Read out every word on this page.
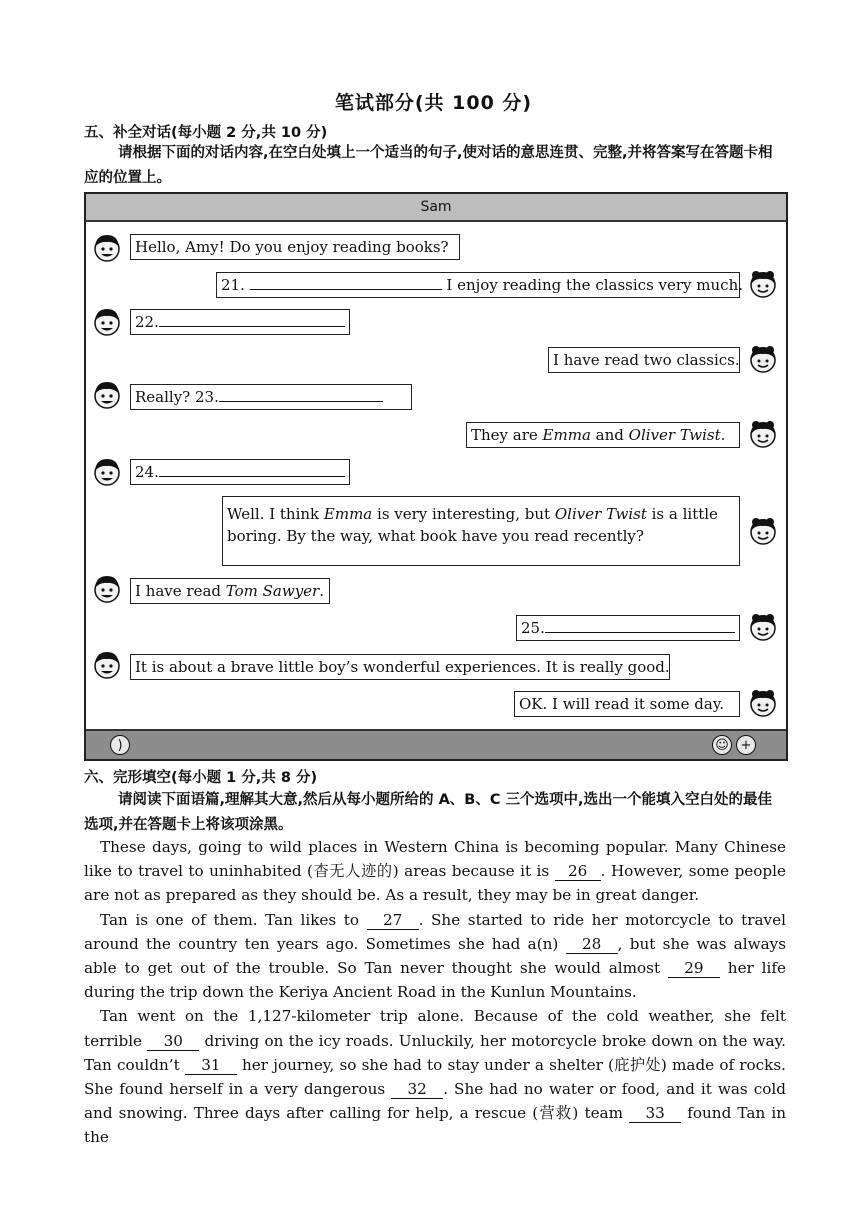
笔试部分(共 100 分)
五、补全对话(每小题 2 分,共 10 分)
请根据下面的对话内容,在空白处填上一个适当的句子,使对话的意思连贯、完整,并将答案写在答题卡相应的位置上。
Sam
Hello, Amy! Do you enjoy reading books?
21.	I enjoy reading the classics very much.
22.
I have read two classics.
Really? 23.
They are Emma and Oliver Twist.
24.
Well. I think Emma is very interesting, but Oliver Twist is a little boring. By the way, what book have you read recently?
I have read Tom Sawyer.
25.
It is about a brave little boy’s wonderful experiences. It is really good.
OK. I will read it some day.
)	☺ +
六、完形填空(每小题 1 分,共 8 分)
请阅读下面语篇,理解其大意,然后从每小题所给的 A、B、C 三个选项中,选出一个能填入空白处的最佳选项,并在答题卡上将该项涂黑。

These days, going to wild places in Western China is becoming popular. Many Chinese like to travel to uninhabited (杳无人迹的) areas because it is 26 . However, some people are not as prepared as they should be. As a result, they may be in great danger.

Tan is one of them. Tan likes to 27 . She started to ride her motorcycle to travel around the country ten years ago. Sometimes she had a(n) 28 , but she was always able to get out of the trouble. So Tan never thought she would almost 29 her life during the trip down the Keriya Ancient Road in the Kunlun Mountains.

Tan went on the 1,127-kilometer trip alone. Because of the cold weather, she felt terrible 30 driving on the icy roads. Unluckily, her motorcycle broke down on the way. Tan couldn’t 31 her journey, so she had to stay under a shelter (庇护处) made of rocks. She found herself in a very dangerous 32 . She had no water or food, and it was cold and snowing. Three days after calling for help, a rescue (营救) team 33 found Tan in the
